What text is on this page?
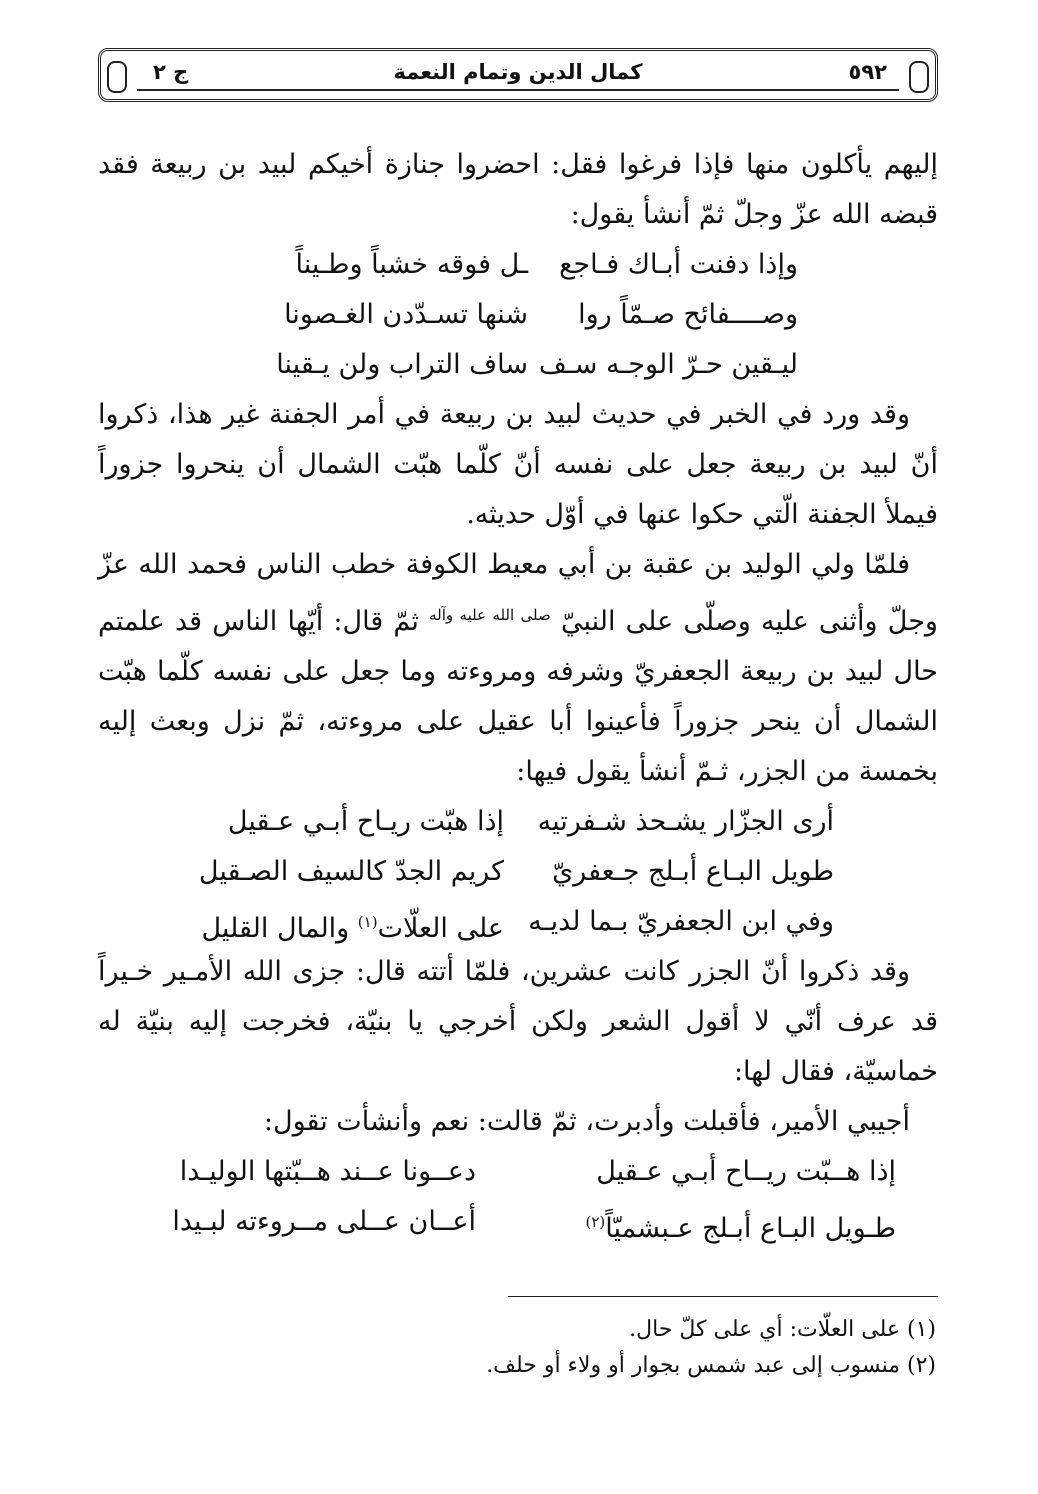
٥٩٢
كمال الدين وتمام النعمة
ج ٢

إليهم يأكلون منها فإذا فرغوا فقل: احضروا جنازة أخيكم لبيد بن ربيعة فقد قبضه الله عزّ وجلّ ثمّ أنشأ يقول:

وإذا دفنت أبـاك فـاجع
ـل فوقه خشباً وطـيناً
وصــــفائح صـمّاً روا
شنها تسـدّدن الغـصونا
ليـقين حـرّ الوجـه سـف
ساف التراب ولن يـقينا

وقد ورد في الخبر في حديث لبيد بن ربيعة في أمر الجفنة غير هذا، ذكروا أنّ لبيد بن ربيعة جعل على نفسه أنّ كلّما هبّت الشمال أن ينحروا جزوراً فيملأ الجفنة الّتي حكوا عنها في أوّل حديثه.

فلمّا ولي الوليد بن عقبة بن أبي معيط الكوفة خطب الناس فحمد الله عزّ وجلّ وأثنى عليه وصلّى على النبيّ $^{صلى الله عليه وآله}$ ثمّ قال: أيّها الناس قد علمتم حال لبيد بن ربيعة الجعفريّ وشرفه ومروءته وما جعل على نفسه كلّما هبّت الشمال أن ينحر جزوراً فأعينوا أبا عقيل على مروءته، ثمّ نزل وبعث إليه بخمسة من الجزر، ثـمّ أنشأ يقول فيها:

أرى الجزّار يشـحذ شـفرتيه
إذا هبّت ريـاح أبـي عـقيل
طويل البـاع أبـلج جـعفريّ
كريم الجدّ كالسيف الصـقيل
وفي ابن الجعفريّ بـما لديـه
على العلّات$^{(١)}$ والمال القليل

وقد ذكروا أنّ الجزر كانت عشرين، فلمّا أتته قال: جزى الله الأمـير خـيراً قد عرف أنّي لا أقول الشعر ولكن أخرجي يا بنيّة، فخرجت إليه بنيّة له خماسيّة، فقال لها:

أجيبي الأمير، فأقبلت وأدبرت، ثمّ قالت: نعم وأنشأت تقول:

إذا هــبّت ريــاح أبـي عـقيل
دعــونا عــند هــبّتها الوليـدا
طـويل البـاع أبـلج عـبشميّاً$^{(٢)}$
أعــان عــلى مــروءته لبـيدا

(١) على العلّات: أي على كلّ حال.

(٢) منسوب إلى عبد شمس بجوار أو ولاء أو حلف.
